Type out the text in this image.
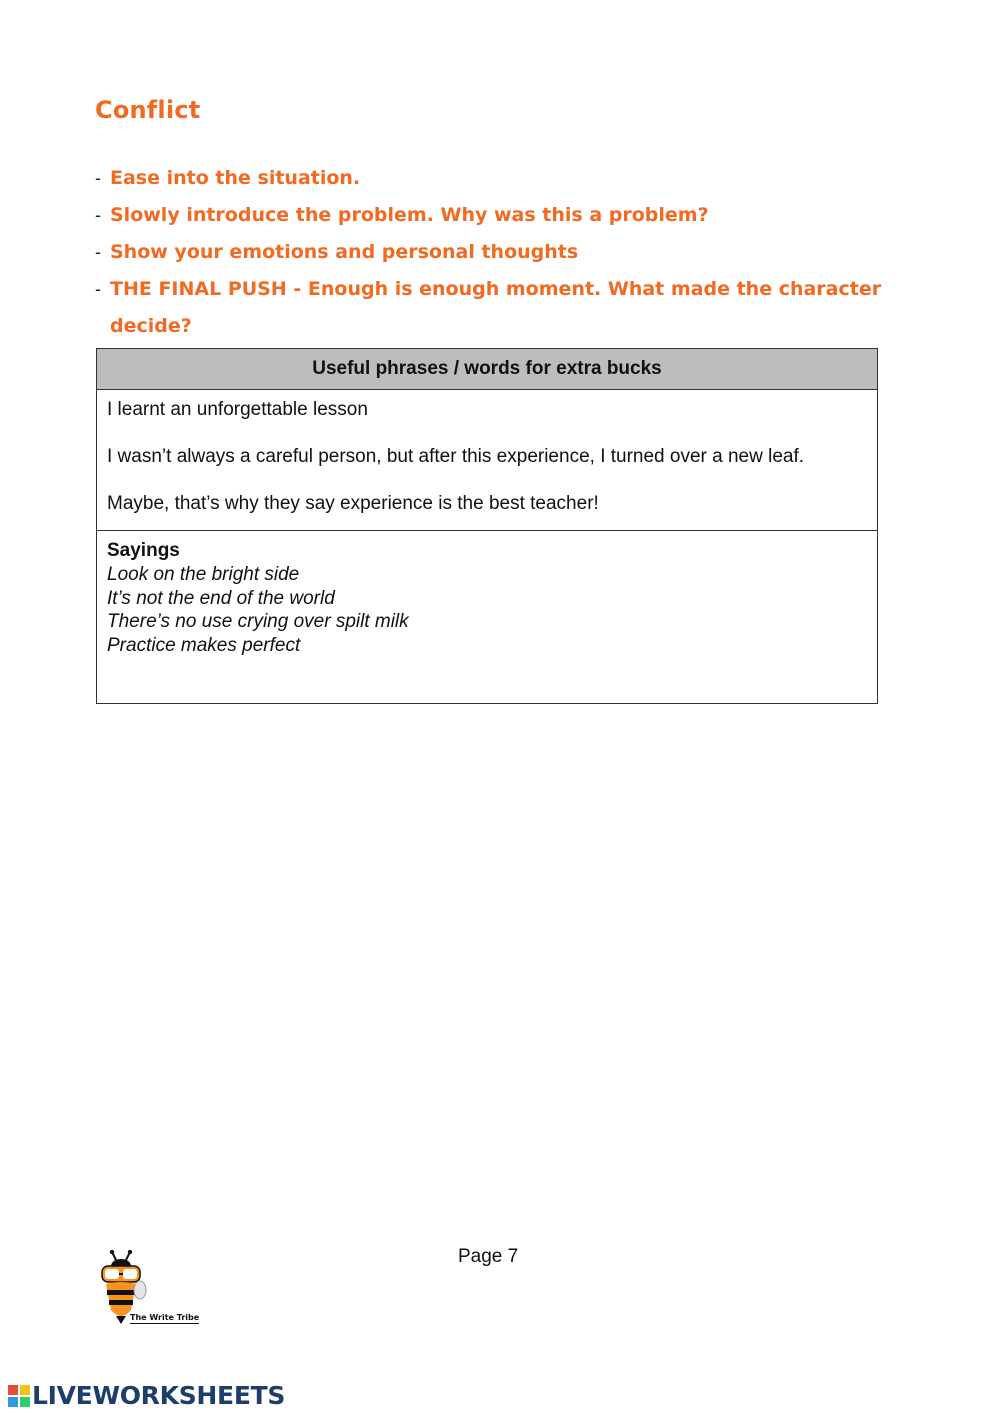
Conflict
- Ease into the situation.
- Slowly introduce the problem. Why was this a problem?
- Show your emotions and personal thoughts
- THE FINAL PUSH - Enough is enough moment. What made the character decide?
Useful phrases / words for extra bucks
I learnt an unforgettable lesson
I wasn’t always a careful person, but after this experience, I turned over a new leaf.
Maybe, that’s why they say experience is the best teacher!
Sayings
Look on the bright side
It’s not the end of the world
There’s no use crying over spilt milk
Practice makes perfect
The Write Tribe
Page 7
LIVEWORKSHEETS
